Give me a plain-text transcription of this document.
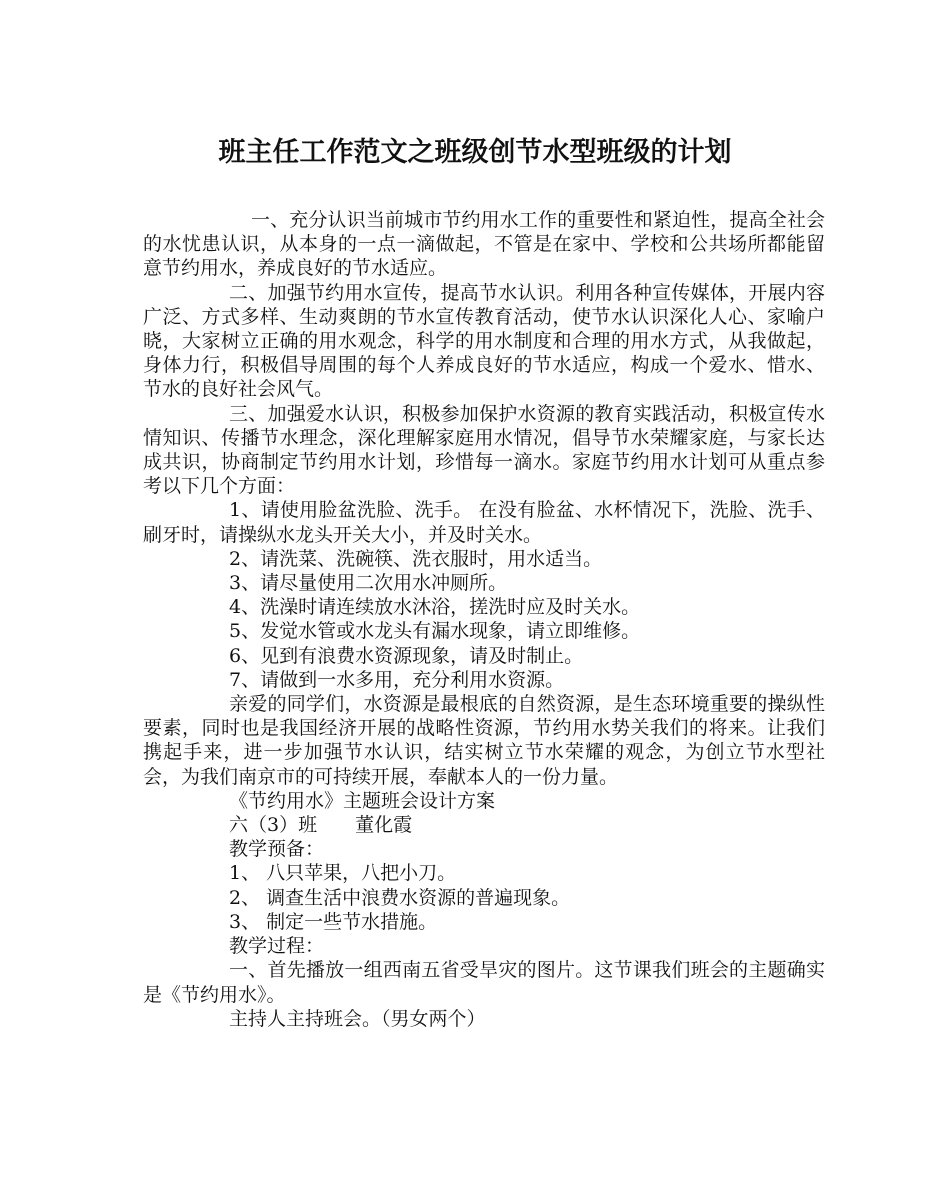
班主任工作范文之班级创节水型班级的计划

一、充分认识当前城市节约用水工作的重要性和紧迫性，提高全社会的水忧患认识，从本身的一点一滴做起，不管是在家中、学校和公共场所都能留意节约用水，养成良好的节水适应。

二、加强节约用水宣传，提高节水认识。利用各种宣传媒体，开展内容广泛、方式多样、生动爽朗的节水宣传教育活动，使节水认识深化人心、家喻户晓，大家树立正确的用水观念，科学的用水制度和合理的用水方式，从我做起，身体力行，积极倡导周围的每个人养成良好的节水适应，构成一个爱水、惜水、节水的良好社会风气。

三、加强爱水认识，积极参加保护水资源的教育实践活动，积极宣传水情知识、传播节水理念，深化理解家庭用水情况，倡导节水荣耀家庭，与家长达成共识，协商制定节约用水计划，珍惜每一滴水。家庭节约用水计划可从重点参考以下几个方面：

1、请使用脸盆洗脸、洗手。 在没有脸盆、水杯情况下，洗脸、洗手、刷牙时，请操纵水龙头开关大小，并及时关水。

2、请洗菜、洗碗筷、洗衣服时，用水适当。

3、请尽量使用二次用水冲厕所。

4、洗澡时请连续放水沐浴，搓洗时应及时关水。

5、发觉水管或水龙头有漏水现象，请立即维修。

6、见到有浪费水资源现象，请及时制止。

7、请做到一水多用，充分利用水资源。

亲爱的同学们，水资源是最根底的自然资源，是生态环境重要的操纵性要素，同时也是我国经济开展的战略性资源，节约用水势关我们的将来。让我们携起手来，进一步加强节水认识，结实树立节水荣耀的观念，为创立节水型社会，为我们南京市的可持续开展，奉献本人的一份力量。

《节约用水》主题班会设计方案

六（3）班　　董化霞

教学预备：

1、 八只苹果，八把小刀。

2、 调查生活中浪费水资源的普遍现象。

3、 制定一些节水措施。

教学过程：

一、首先播放一组西南五省受旱灾的图片。这节课我们班会的主题确实是《节约用水》。

主持人主持班会。（男女两个）
